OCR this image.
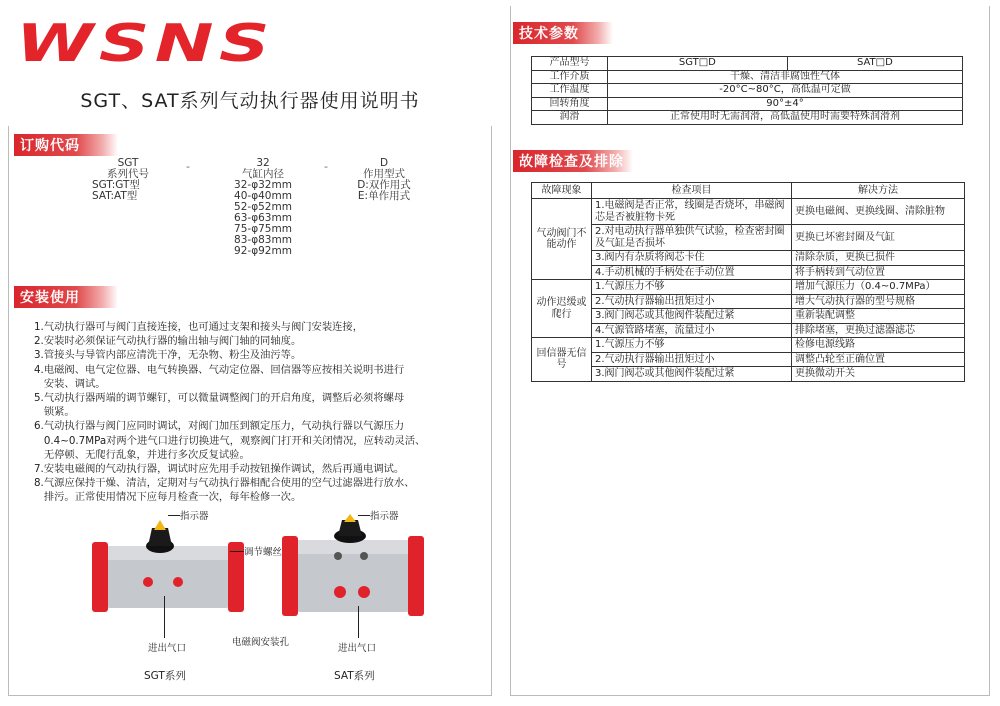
WSNS
SGT、SAT系列气动执行器使用说明书
订购代码
SGT
系列代号
SGT:GT型
SAT:AT型
-	32
气缸内径
32-φ32mm
40-φ40mm
52-φ52mm
63-φ63mm
75-φ75mm
83-φ83mm
92-φ92mm
-	D
作用型式
D:双作用式
E:单作用式
安装使用
1.气动执行器可与阀门直接连接，也可通过支架和接头与阀门安装连接，
2.安装时必须保证气动执行器的输出轴与阀门轴的同轴度。
3.管接头与导管内部应清洗干净，无杂物、粉尘及油污等。
4.电磁阀、电气定位器、电气转换器、气动定位器、回信器等应按相关说明书进行
安装、调试。
5.气动执行器两端的调节螺钉，可以微量调整阀门的开启角度，调整后必须将螺母
锁紧。
6.气动执行器与阀门应同时调试，对阀门加压到额定压力，气动执行器以气源压力
0.4~0.7MPa对两个进气口进行切换进气，观察阀门打开和关闭情况，应转动灵活、
无停顿、无爬行乱象，并进行多次反复试验。
7.安装电磁阀的气动执行器，调试时应先用手动按钮操作调试，然后再通电调试。
8.气源应保持干燥、清洁，定期对与气动执行器相配合使用的空气过滤器进行放水、
排污。正常使用情况下应每月检查一次，每年检修一次。
指示器	指示器
调节螺丝
进出气口
电磁阀安装孔
进出气口
SGT系列	SAT系列
技术参数
产品型号	SGT□D	SAT□D
工作介质	干燥、清洁非腐蚀性气体	
工作温度	-20°C~80°C，高低温可定做	
回转角度	90°±4°	
润滑	正常使用时无需润滑，高低温使用时需要特殊润滑剂	
故障检查及排除
故障现象	检查项目	解决方法
气动阀门不能动作	1.电磁阀是否正常，线圈是否烧坏，串磁阀芯是否被脏物卡死	更换电磁阀、更换线圈、清除脏物
	2.对电动执行器单独供气试验，检查密封圈及气缸是否损坏	更换已坏密封圈及气缸
	3.阀内有杂质将阀芯卡住	清除杂质，更换已损件
	4.手动机械的手柄处在手动位置	将手柄转到气动位置
动作迟缓或爬行	1.气源压力不够	增加气源压力（0.4~0.7MPa）
	2.气动执行器输出扭矩过小	增大气动执行器的型号规格
	3.阀门阀芯或其他阀件装配过紧	重新装配调整
	4.气源管路堵塞，流量过小	排除堵塞，更换过滤器滤芯
回信器无信号	1.气源压力不够	检修电源线路
	2.气动执行器输出扭矩过小	调整凸轮至正确位置
	3.阀门阀芯或其他阀件装配过紧	更换微动开关
